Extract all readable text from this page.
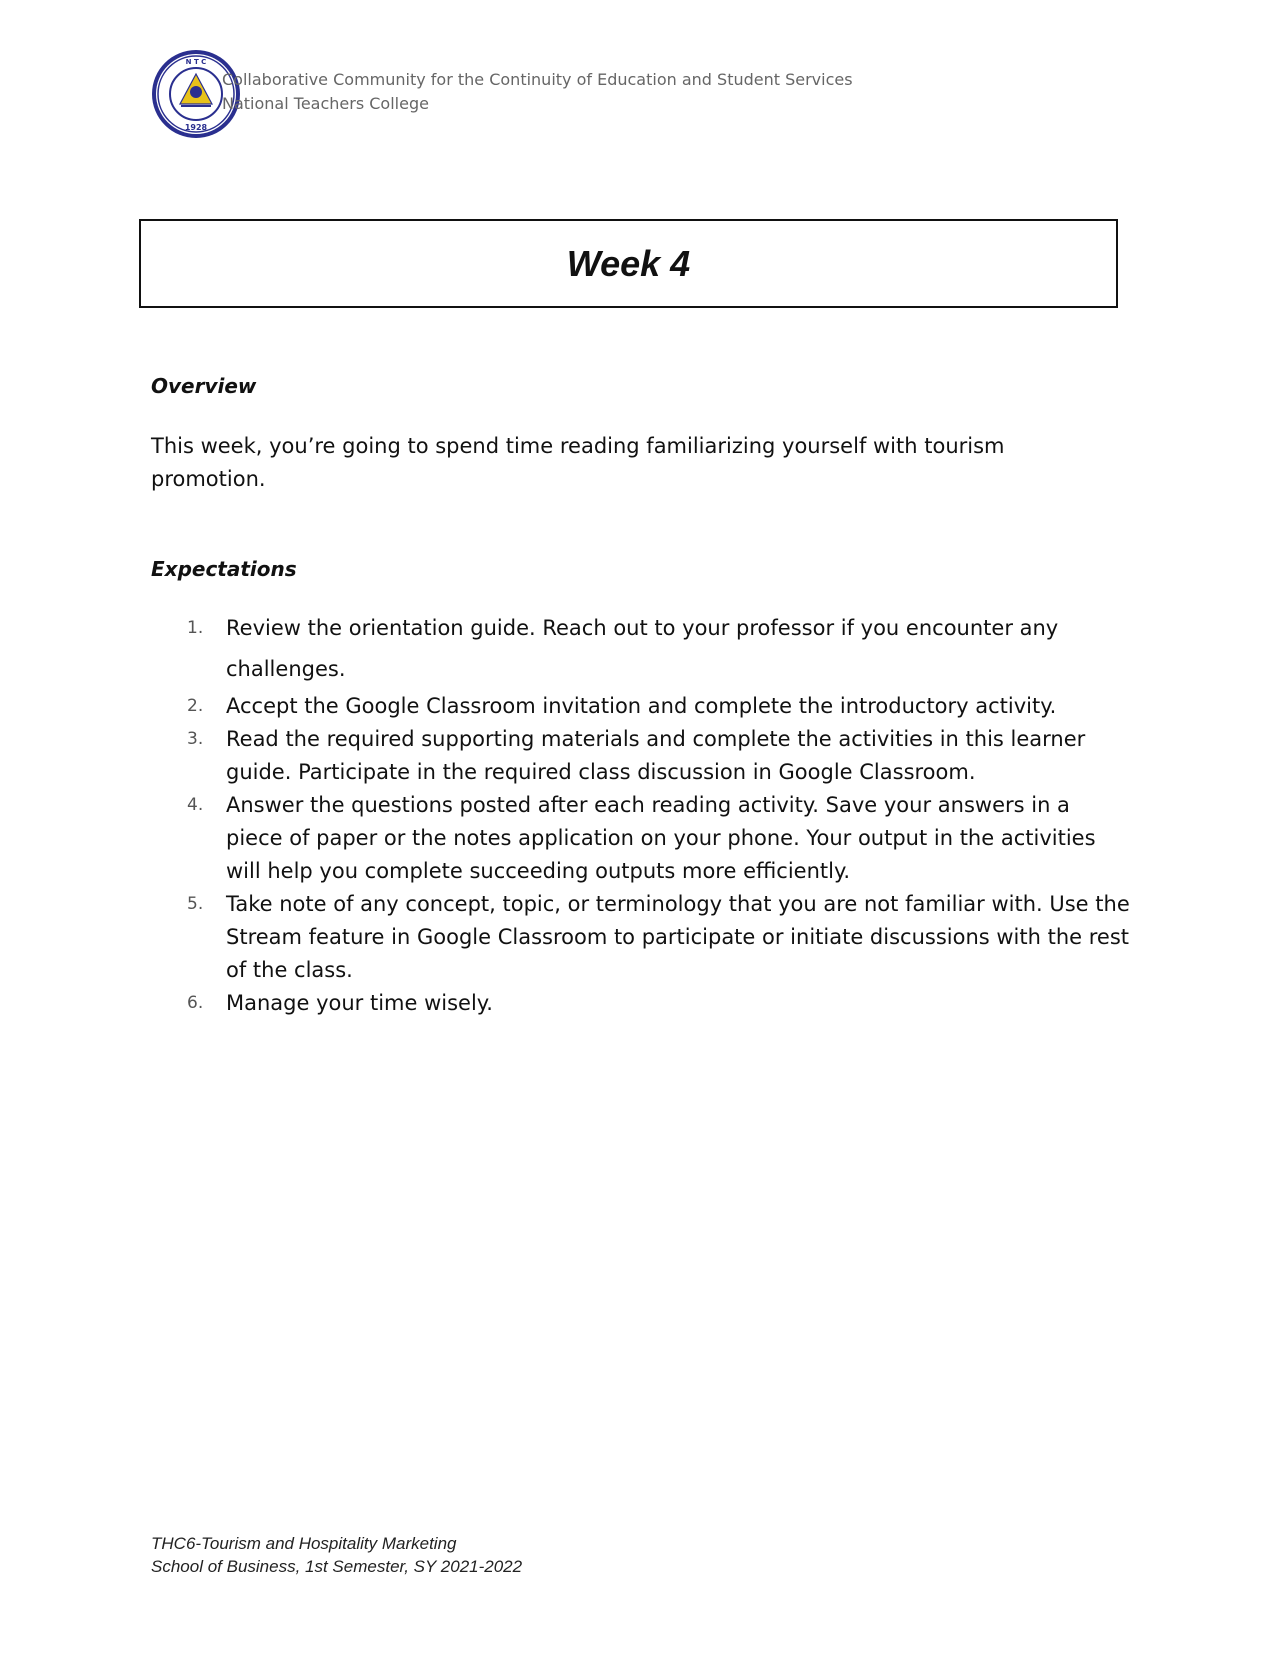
N T C
1928
Collaborative Community for the Continuity of Education and Student Services
National Teachers College
Week 4
Overview
This week, you’re going to spend time reading familiarizing yourself with tourism promotion.
Expectations
1. Review the orientation guide. Reach out to your professor if you encounter any challenges.
2. Accept the Google Classroom invitation and complete the introductory activity.
3. Read the required supporting materials and complete the activities in this learner guide. Participate in the required class discussion in Google Classroom.
4. Answer the questions posted after each reading activity. Save your answers in a piece of paper or the notes application on your phone. Your output in the activities will help you complete succeeding outputs more efficiently.
5. Take note of any concept, topic, or terminology that you are not familiar with. Use the Stream feature in Google Classroom to participate or initiate discussions with the rest of the class.
6. Manage your time wisely.
THC6-Tourism and Hospitality Marketing
School of Business, 1st Semester, SY 2021-2022
